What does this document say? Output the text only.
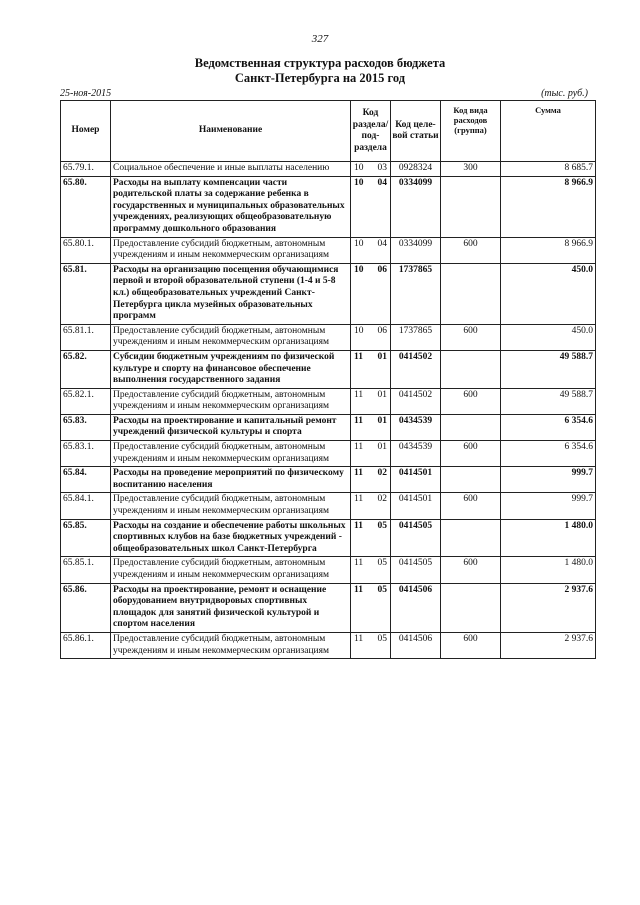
327
Ведомственная структура расходов бюджета
Санкт-Петербурга на 2015 год
25-ноя-2015	(тыс. руб.)
Номер	Наименование	Код раздела/ под-раздела	Код целе-вой статьи	Код вида расходов (группа)	Сумма
65.79.1.	Социальное обеспечение и иные выплаты населению	10 03	0928324	300	8 685.7
65.80.	Расходы на выплату компенсации части родительской платы за содержание ребенка в государственных и муниципальных образовательных учреждениях, реализующих общеобразовательную программу дошкольного образования	10 04	0334099		8 966.9
65.80.1.	Предоставление субсидий бюджетным, автономным учреждениям и иным некоммерческим организациям	10 04	0334099	600	8 966.9
65.81.	Расходы на организацию посещения обучающимися первой и второй образовательной ступени (1-4 и 5-8 кл.) общеобразовательных учреждений Санкт-Петербурга цикла музейных образовательных программ	10 06	1737865		450.0
65.81.1.	Предоставление субсидий бюджетным, автономным учреждениям и иным некоммерческим организациям	10 06	1737865	600	450.0
65.82.	Субсидии бюджетным учреждениям по физической культуре и спорту на финансовое обеспечение выполнения государственного задания	11 01	0414502		49 588.7
65.82.1.	Предоставление субсидий бюджетным, автономным учреждениям и иным некоммерческим организациям	11 01	0414502	600	49 588.7
65.83.	Расходы на проектирование и капитальный ремонт учреждений физической культуры и спорта	11 01	0434539		6 354.6
65.83.1.	Предоставление субсидий бюджетным, автономным учреждениям и иным некоммерческим организациям	11 01	0434539	600	6 354.6
65.84.	Расходы на проведение мероприятий по физическому воспитанию населения	11 02	0414501		999.7
65.84.1.	Предоставление субсидий бюджетным, автономным учреждениям и иным некоммерческим организациям	11 02	0414501	600	999.7
65.85.	Расходы на создание и обеспечение работы школьных спортивных клубов на базе бюджетных учреждений - общеобразовательных школ Санкт-Петербурга	11 05	0414505		1 480.0
65.85.1.	Предоставление субсидий бюджетным, автономным учреждениям и иным некоммерческим организациям	11 05	0414505	600	1 480.0
65.86.	Расходы на проектирование, ремонт и оснащение оборудованием внутридворовых спортивных площадок для занятий физической культурой и спортом населения	11 05	0414506		2 937.6
65.86.1.	Предоставление субсидий бюджетным, автономным учреждениям и иным некоммерческим организациям	11 05	0414506	600	2 937.6
